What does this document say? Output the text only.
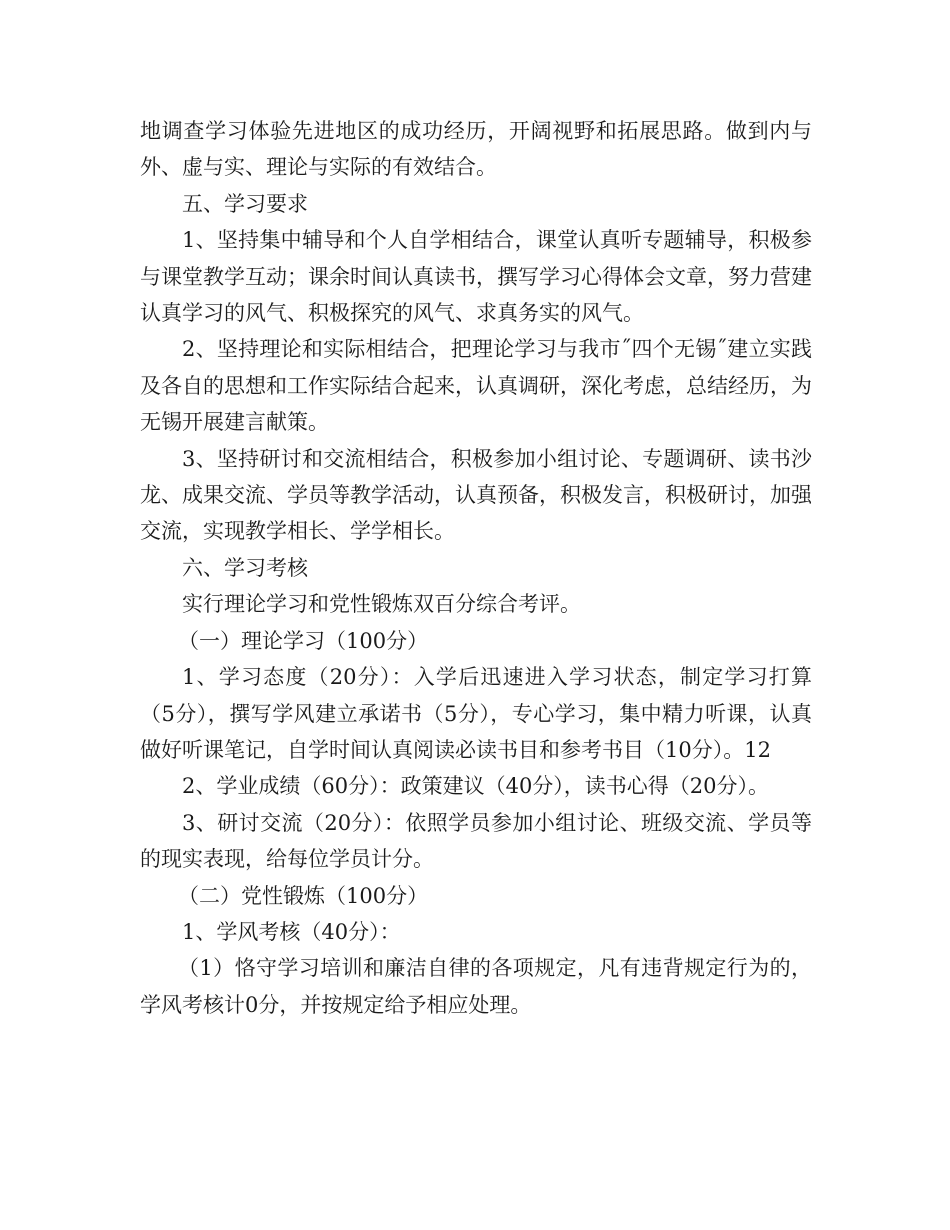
地调查学习体验先进地区的成功经历，开阔视野和拓展思路。做到内与外、虚与实、理论与实际的有效结合。

五、学习要求

1、坚持集中辅导和个人自学相结合，课堂认真听专题辅导，积极参与课堂教学互动；课余时间认真读书，撰写学习心得体会文章，努力营建认真学习的风气、积极探究的风气、求真务实的风气。

2、坚持理论和实际相结合，把理论学习与我市˝四个无锡˝建立实践及各自的思想和工作实际结合起来，认真调研，深化考虑，总结经历，为无锡开展建言献策。

3、坚持研讨和交流相结合，积极参加小组讨论、专题调研、读书沙龙、成果交流、学员等教学活动，认真预备，积极发言，积极研讨，加强交流，实现教学相长、学学相长。

六、学习考核

实行理论学习和党性锻炼双百分综合考评。

（一）理论学习（100分）

1、学习态度（20分）：入学后迅速进入学习状态，制定学习打算（5分），撰写学风建立承诺书（5分），专心学习，集中精力听课，认真做好听课笔记，自学时间认真阅读必读书目和参考书目（10分）。12

2、学业成绩（60分）：政策建议（40分），读书心得（20分）。

3、研讨交流（20分）：依照学员参加小组讨论、班级交流、学员等的现实表现，给每位学员计分。

（二）党性锻炼（100分）

1、学风考核（40分）：

（1）恪守学习培训和廉洁自律的各项规定，凡有违背规定行为的，学风考核计0分，并按规定给予相应处理。
